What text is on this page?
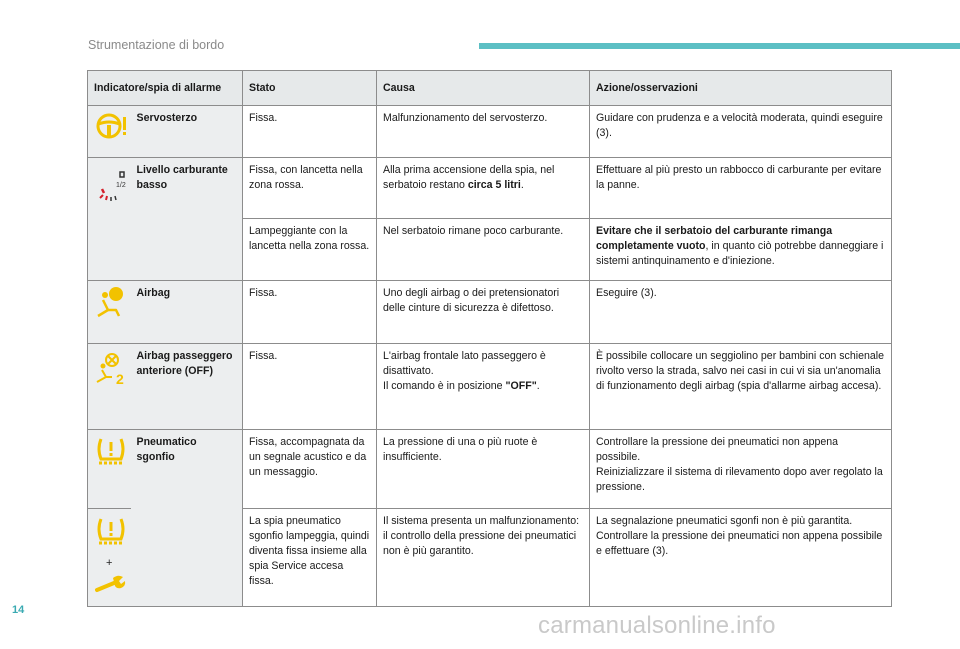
Strumentazione di bordo
Indicatore/spia di allarme		Stato	Causa	Azione/osservazioni
	Servosterzo	Fissa.	Malfunzionamento del servosterzo.	Guidare con prudenza e a velocità moderata, quindi eseguire (3).

1/2	Livello carburante basso	Fissa, con lancetta nella zona rossa.	Alla prima accensione della spia, nel serbatoio restano circa 5 litri.	Effettuare al più presto un rabbocco di carburante per evitare la panne.
		Lampeggiante con la lancetta nella zona rossa.	Nel serbatoio rimane poco carburante.	Evitare che il serbatoio del carburante rimanga completamente vuoto, in quanto ciò potrebbe danneggiare i sistemi antinquinamento e d'iniezione.
	Airbag	Fissa.	Uno degli airbag o dei pretensionatori delle cinture di sicurezza è difettoso.	Eseguire (3).

2	Airbag passeggero anteriore (OFF)	Fissa.	L'airbag frontale lato passeggero è disattivato.
Il comando è in posizione "OFF".	È possibile collocare un seggiolino per bambini con schienale rivolto verso la strada, salvo nei casi in cui vi sia un'anomalia di funzionamento degli airbag (spia d'allarme airbag accesa).
	Pneumatico sgonfio	Fissa, accompagnata da un segnale acustico e da un messaggio.	La pressione di una o più ruote è insufficiente.	Controllare la pressione dei pneumatici non appena possibile.
Reinizializzare il sistema di rilevamento dopo aver regolato la pressione.

+		La spia pneumatico sgonfio lampeggia, quindi diventa fissa insieme alla spia Service accesa fissa.	Il sistema presenta un malfunzionamento: il controllo della pressione dei pneumatici non è più garantito.	La segnalazione pneumatici sgonfi non è più garantita.
Controllare la pressione dei pneumatici non appena possibile e effettuare (3).
14
carmanualsonline.info
